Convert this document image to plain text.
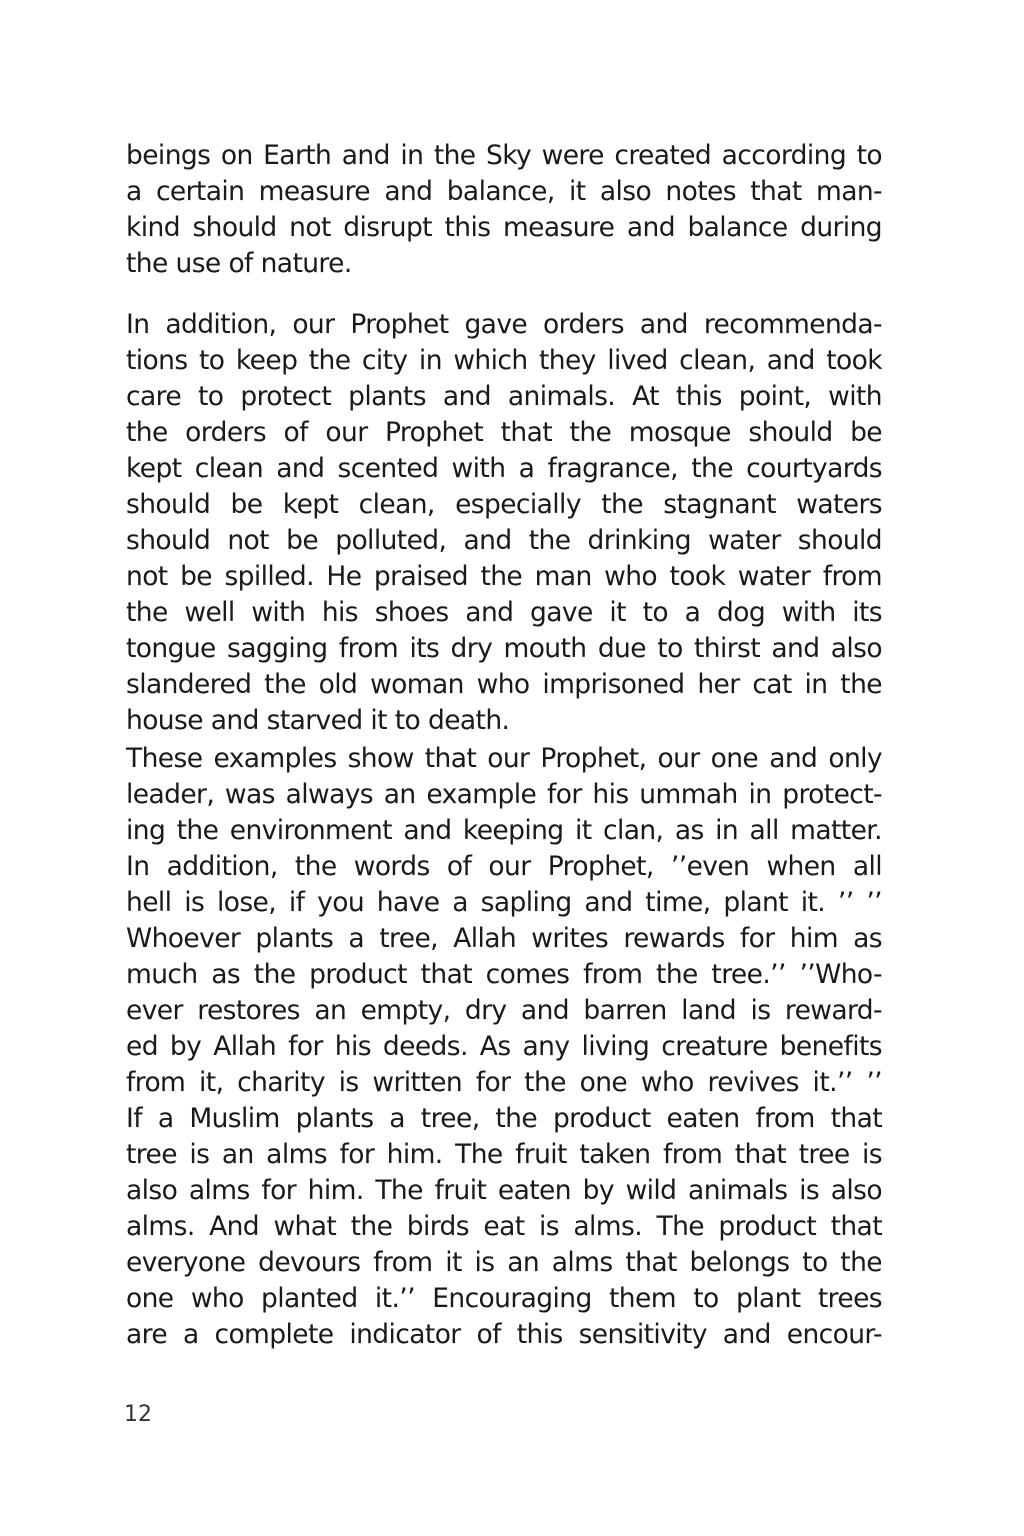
beings on Earth and in the Sky were created according to
a certain measure and balance, it also notes that man-
kind should not disrupt this measure and balance during
the use of nature.
In addition, our Prophet gave orders and recommenda-
tions to keep the city in which they lived clean, and took
care to protect plants and animals. At this point, with
the orders of our Prophet that the mosque should be
kept clean and scented with a fragrance, the courtyards
should be kept clean, especially the stagnant waters
should not be polluted, and the drinking water should
not be spilled. He praised the man who took water from
the well with his shoes and gave it to a dog with its
tongue sagging from its dry mouth due to thirst and also
slandered the old woman who imprisoned her cat in the
house and starved it to death.
These examples show that our Prophet, our one and only
leader, was always an example for his ummah in protect-
ing the environment and keeping it clan, as in all matter.
In addition, the words of our Prophet, ’’even when all
hell is lose, if you have a sapling and time, plant it. ’’ ’’
Whoever plants a tree, Allah writes rewards for him as
much as the product that comes from the tree.’’ ’’Who-
ever restores an empty, dry and barren land is reward-
ed by Allah for his deeds. As any living creature benefits
from it, charity is written for the one who revives it.’’ ’’
If a Muslim plants a tree, the product eaten from that
tree is an alms for him. The fruit taken from that tree is
also alms for him. The fruit eaten by wild animals is also
alms. And what the birds eat is alms. The product that
everyone devours from it is an alms that belongs to the
one who planted it.’’ Encouraging them to plant trees
are a complete indicator of this sensitivity and encour-
12
